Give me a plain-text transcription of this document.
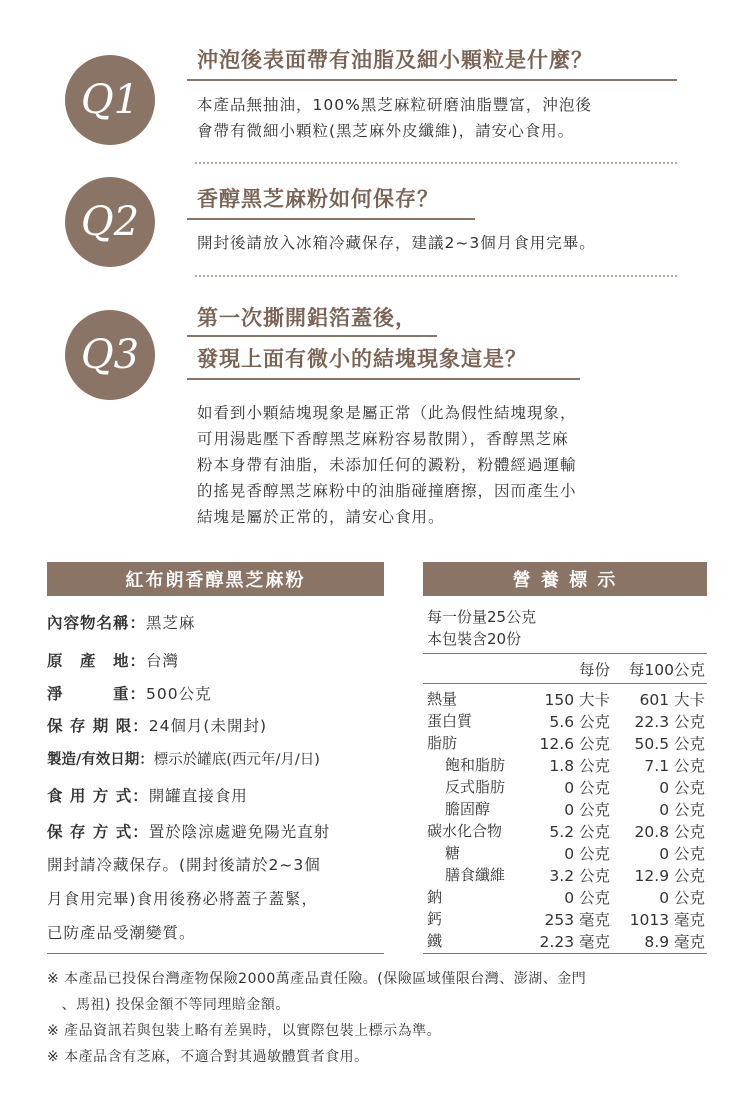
Q1
沖泡後表面帶有油脂及細小顆粒是什麼？
本產品無抽油，100%黑芝麻粒研磨油脂豐富，沖泡後
會帶有微細小顆粒(黑芝麻外皮纖維)，請安心食用。
Q2	香醇黑芝麻粉如何保存？
開封後請放入冰箱冷藏保存，建議2~3個月食用完畢。
Q3
第一次撕開鋁箔蓋後，
發現上面有微小的結塊現象這是？
如看到小顆結塊現象是屬正常（此為假性結塊現象，
可用湯匙壓下香醇黑芝麻粉容易散開），香醇黑芝麻
粉本身帶有油脂，未添加任何的澱粉，粉體經過運輸
的搖晃香醇黑芝麻粉中的油脂碰撞磨擦，因而產生小
結塊是屬於正常的，請安心食用。
紅布朗香醇黑芝麻粉
內容物名稱：黑芝麻
原　產　地：台灣
淨　　　重：500公克
保 存 期 限：24個月(未開封)
製造/有效日期：標示於罐底(西元年/月/日)
食 用 方 式：開罐直接食用
保 存 方 式：置於陰涼處避免陽光直射
開封請冷藏保存。(開封後請於2~3個
月食用完畢)食用後務必將蓋子蓋緊，
已防產品受潮變質。
營 養 標 示
每一份量25公克
本包裝含20份
每份	每100公克
熱量	150 大卡	601 大卡
蛋白質	5.6 公克	22.3 公克
脂肪	12.6 公克	50.5 公克
飽和脂肪	1.8 公克	7.1 公克
反式脂肪	0 公克	0 公克
膽固醇	0 公克	0 公克
碳水化合物	5.2 公克	20.8 公克
糖	0 公克	0 公克
膳食纖維	3.2 公克	12.9 公克
鈉	0 公克	0 公克
鈣	253 毫克	1013 毫克
鐵	2.23 毫克	8.9 毫克
※ 本產品已投保台灣產物保險2000萬產品責任險。(保險區域僅限台灣、澎湖、金門
　、馬祖) 投保金額不等同理賠金額。
※ 產品資訊若與包裝上略有差異時，以實際包裝上標示為準。
※ 本產品含有芝麻，不適合對其過敏體質者食用。
